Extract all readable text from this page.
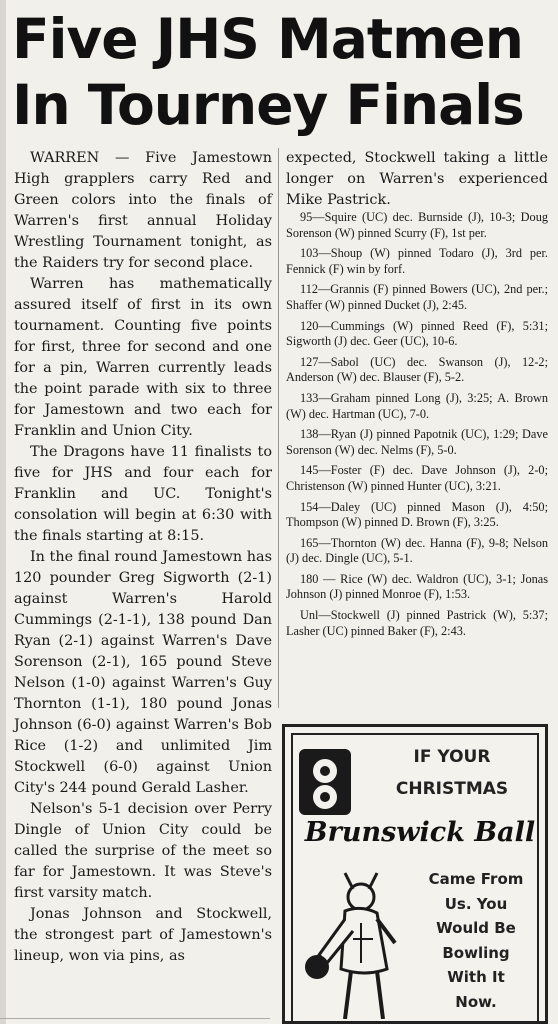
Five JHS Matmen
In Tourney Finals

WARREN — Five Jamestown High grapplers carry Red and Green colors into the finals of Warren's first annual Holiday Wrestling Tournament tonight, as the Raiders try for second place.

Warren has mathematically assured itself of first in its own tournament. Counting five points for first, three for second and one for a pin, Warren currently leads the point parade with six to three for Jamestown and two each for Franklin and Union City.

The Dragons have 11 finalists to five for JHS and four each for Franklin and UC. Tonight's consolation will begin at 6:30 with the finals starting at 8:15.

In the final round Jamestown has 120 pounder Greg Sigworth (2-1) against Warren's Harold Cummings (2-1-1), 138 pound Dan Ryan (2-1) against Warren's Dave Sorenson (2-1), 165 pound Steve Nelson (1-0) against Warren's Guy Thornton (1-1), 180 pound Jonas Johnson (6-0) against Warren's Bob Rice (1-2) and unlimited Jim Stockwell (6-0) against Union City's 244 pound Gerald Lasher.

Nelson's 5-1 decision over Perry Dingle of Union City could be called the surprise of the meet so far for Jamestown. It was Steve's first varsity match.

Jonas Johnson and Stockwell, the strongest part of Jamestown's lineup, won via pins, as

expected, Stockwell taking a little longer on Warren's experienced Mike Pastrick.

95—Squire (UC) dec. Burnside (J), 10-3; Doug Sorenson (W) pinned Scurry (F), 1st per.

103—Shoup (W) pinned Todaro (J), 3rd per. Fennick (F) win by forf.

112—Grannis (F) pinned Bowers (UC), 2nd per.; Shaffer (W) pinned Ducket (J), 2:45.

120—Cummings (W) pinned Reed (F), 5:31; Sigworth (J) dec. Geer (UC), 10-6.

127—Sabol (UC) dec. Swanson (J), 12-2; Anderson (W) dec. Blauser (F), 5-2.

133—Graham pinned Long (J), 3:25; A. Brown (W) dec. Hartman (UC), 7-0.

138—Ryan (J) pinned Papotnik (UC), 1:29; Dave Sorenson (W) dec. Nelms (F), 5-0.

145—Foster (F) dec. Dave Johnson (J), 2-0; Christenson (W) pinned Hunter (UC), 3:21.

154—Daley (UC) pinned Mason (J), 4:50; Thompson (W) pinned D. Brown (F), 3:25.

165—Thornton (W) dec. Hanna (F), 9-8; Nelson (J) dec. Dingle (UC), 5-1.

180 — Rice (W) dec. Waldron (UC), 3-1; Jonas Johnson (J) pinned Monroe (F), 1:53.

Unl—Stockwell (J) pinned Pastrick (W), 5:37; Lasher (UC) pinned Baker (F), 2:43.

IF YOUR
CHRISTMAS
Brunswick Ball
Came From
Us. You
Would Be
Bowling
With It
Now.
